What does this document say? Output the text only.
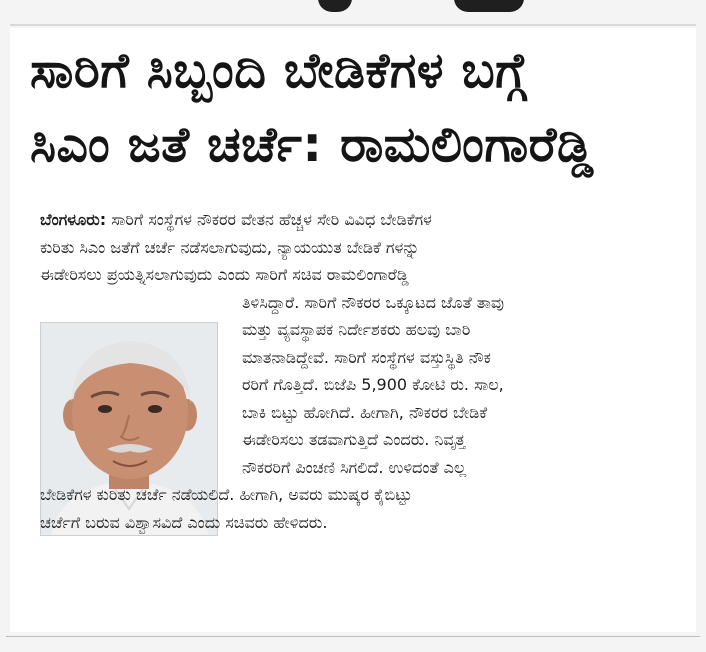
ಸಾರಿಗೆ ಸಿಬ್ಬಂದಿ ಬೇಡಿಕೆಗಳ ಬಗ್ಗೆ
ಸಿಎಂ ಜತೆ ಚರ್ಚೆ: ರಾಮಲಿಂಗಾರೆಡ್ಡಿ
ಬೆಂಗಳೂರು: ಸಾರಿಗೆ ಸಂಸ್ಥೆಗಳ ನೌಕರರ ವೇತನ ಹೆಚ್ಚಳ ಸೇರಿ ವಿವಿಧ ಬೇಡಿಕೆಗಳ
ಕುರಿತು ಸಿಎಂ ಜತೆಗೆ ಚರ್ಚೆ ನಡೆಸಲಾಗುವುದು, ನ್ಯಾಯಯುತ ಬೇಡಿಕೆ ಗಳನ್ನು
ಈಡೇರಿಸಲು ಪ್ರಯತ್ನಿಸಲಾಗುವುದು ಎಂದು ಸಾರಿಗೆ ಸಚಿವ ರಾಮಲಿಂಗಾರೆಡ್ಡಿ
ತಿಳಿಸಿದ್ದಾರೆ. ಸಾರಿಗೆ ನೌಕರರ ಒಕ್ಕೂಟದ ಜೊತೆ ತಾವು
ಮತ್ತು ವ್ಯವಸ್ಥಾಪಕ ನಿರ್ದೇಶಕರು ಹಲವು ಬಾರಿ
ಮಾತನಾಡಿದ್ದೇವೆ. ಸಾರಿಗೆ ಸಂಸ್ಥೆಗಳ ವಸ್ತುಸ್ಥಿತಿ ನೌಕ
ರರಿಗೆ ಗೊತ್ತಿದೆ. ಬಿಜೆಪಿ 5,900 ಕೋಟಿ ರು. ಸಾಲ,
ಬಾಕಿ ಬಿಟ್ಟು ಹೋಗಿದೆ. ಹೀಗಾಗಿ, ನೌಕರರ ಬೇಡಿಕೆ
ಈಡೇರಿಸಲು ತಡವಾಗುತ್ತಿದೆ ಎಂದರು. ನಿವೃತ್ತ
ನೌಕರರಿಗೆ ಪಿಂಚಣಿ ಸಿಗಲಿದೆ. ಉಳಿದಂತೆ ಎಲ್ಲ
ಬೇಡಿಕೆಗಳ ಕುರಿತು ಚರ್ಚೆ ನಡೆಯಲಿದೆ. ಹೀಗಾಗಿ, ಅವರು ಮುಷ್ಕರ ಕೈಬಿಟ್ಟು
ಚರ್ಚೆಗೆ ಬರುವ ವಿಶ್ವಾಸವಿದೆ ಎಂದು ಸಚಿವರು ಹೇಳಿದರು.
